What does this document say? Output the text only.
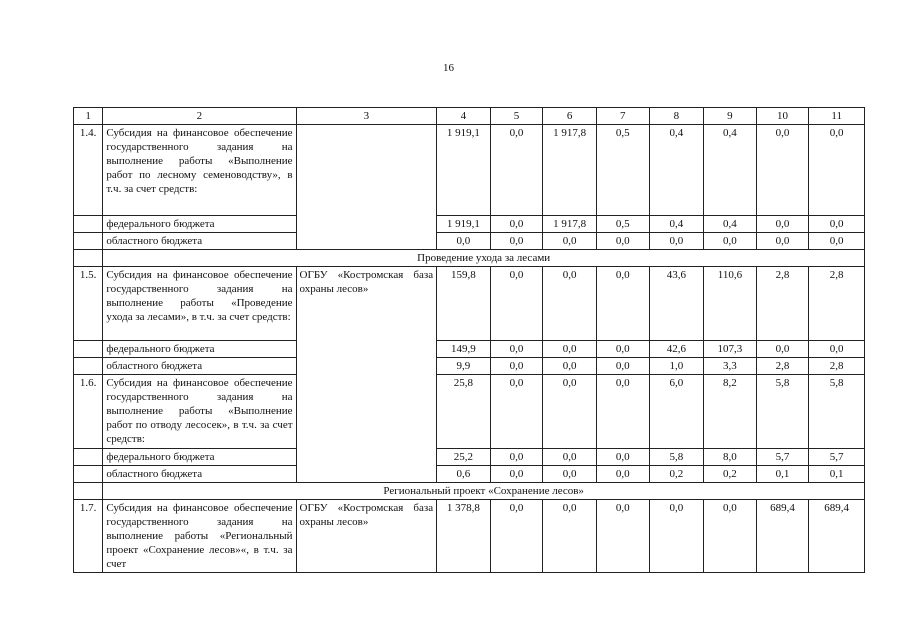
16
1	2	3	4	5	6	7	8	9	10	11
1.4.	Субсидия на финансовое обеспечение государственного задания на выполнение работы «Выполнение работ по лесному семеноводству», в т.ч. за счет средств:		1 919,1	0,0	1 917,8	0,5	0,4	0,4	0,0	0,0
	федерального бюджета		1 919,1	0,0	1 917,8	0,5	0,4	0,4	0,0	0,0
	областного бюджета		0,0	0,0	0,0	0,0	0,0	0,0	0,0	0,0
	Проведение ухода за лесами									
1.5.	Субсидия на финансовое обеспечение государственного задания на выполнение работы «Проведение ухода за лесами», в т.ч. за счет средств:	ОГБУ «Костромская база охраны лесов»	159,8	0,0	0,0	0,0	43,6	110,6	2,8	2,8
	федерального бюджета		149,9	0,0	0,0	0,0	42,6	107,3	0,0	0,0
	областного бюджета		9,9	0,0	0,0	0,0	1,0	3,3	2,8	2,8
1.6.	Субсидия на финансовое обеспечение государственного задания на выполнение работы «Выполнение работ по отводу лесосек», в т.ч. за счет средств:		25,8	0,0	0,0	0,0	6,0	8,2	5,8	5,8
	федерального бюджета		25,2	0,0	0,0	0,0	5,8	8,0	5,7	5,7
	областного бюджета		0,6	0,0	0,0	0,0	0,2	0,2	0,1	0,1
	Региональный проект «Сохранение лесов»									
1.7.	Субсидия на финансовое обеспечение государственного задания на выполнение работы «Региональный проект «Сохранение лесов»«, в т.ч. за счет	ОГБУ «Костромская база охраны лесов»	1 378,8	0,0	0,0	0,0	0,0	0,0	689,4	689,4
